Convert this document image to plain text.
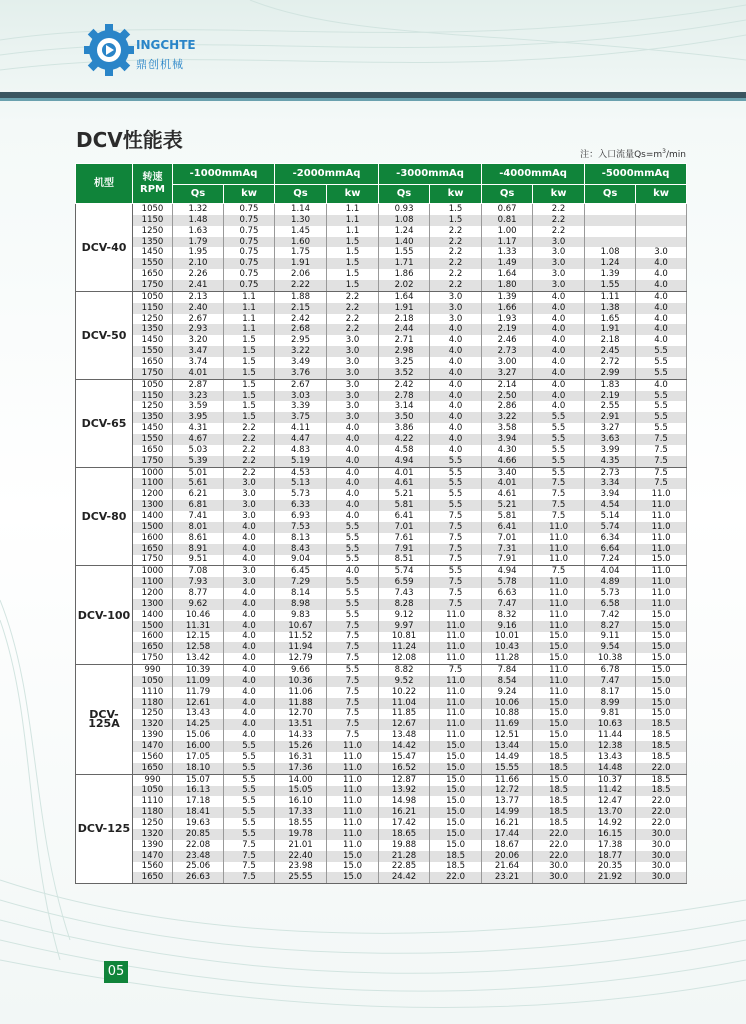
INGCHTE
鼎创机械
DCV性能表
注：入口流量$Qs=m^3/\min$
机型	转速
RPM	-1000mmAq		-2000mmAq		-3000mmAq		-4000mmAq		-5000mmAq	
		Qs	kw	Qs	kw	Qs	kw	Qs	kw	Qs	kw
DCV-40	1050	1.32	0.75	1.14	1.1	0.93	1.5	0.67	2.2		
	1150	1.48	0.75	1.30	1.1	1.08	1.5	0.81	2.2		
	1250	1.63	0.75	1.45	1.1	1.24	2.2	1.00	2.2		
	1350	1.79	0.75	1.60	1.5	1.40	2.2	1.17	3.0		
	1450	1.95	0.75	1.75	1.5	1.55	2.2	1.33	3.0	1.08	3.0
	1550	2.10	0.75	1.91	1.5	1.71	2.2	1.49	3.0	1.24	4.0
	1650	2.26	0.75	2.06	1.5	1.86	2.2	1.64	3.0	1.39	4.0
	1750	2.41	0.75	2.22	1.5	2.02	2.2	1.80	3.0	1.55	4.0
DCV-50	1050	2.13	1.1	1.88	2.2	1.64	3.0	1.39	4.0	1.11	4.0
	1150	2.40	1.1	2.15	2.2	1.91	3.0	1.66	4.0	1.38	4.0
	1250	2.67	1.1	2.42	2.2	2.18	3.0	1.93	4.0	1.65	4.0
	1350	2.93	1.1	2.68	2.2	2.44	4.0	2.19	4.0	1.91	4.0
	1450	3.20	1.5	2.95	3.0	2.71	4.0	2.46	4.0	2.18	4.0
	1550	3.47	1.5	3.22	3.0	2.98	4.0	2.73	4.0	2.45	5.5
	1650	3.74	1.5	3.49	3.0	3.25	4.0	3.00	4.0	2.72	5.5
	1750	4.01	1.5	3.76	3.0	3.52	4.0	3.27	4.0	2.99	5.5
DCV-65	1050	2.87	1.5	2.67	3.0	2.42	4.0	2.14	4.0	1.83	4.0
	1150	3.23	1.5	3.03	3.0	2.78	4.0	2.50	4.0	2.19	5.5
	1250	3.59	1.5	3.39	3.0	3.14	4.0	2.86	4.0	2.55	5.5
	1350	3.95	1.5	3.75	3.0	3.50	4.0	3.22	5.5	2.91	5.5
	1450	4.31	2.2	4.11	4.0	3.86	4.0	3.58	5.5	3.27	5.5
	1550	4.67	2.2	4.47	4.0	4.22	4.0	3.94	5.5	3.63	7.5
	1650	5.03	2.2	4.83	4.0	4.58	4.0	4.30	5.5	3.99	7.5
	1750	5.39	2.2	5.19	4.0	4.94	5.5	4.66	5.5	4.35	7.5
DCV-80	1000	5.01	2.2	4.53	4.0	4.01	5.5	3.40	5.5	2.73	7.5
	1100	5.61	3.0	5.13	4.0	4.61	5.5	4.01	7.5	3.34	7.5
	1200	6.21	3.0	5.73	4.0	5.21	5.5	4.61	7.5	3.94	11.0
	1300	6.81	3.0	6.33	4.0	5.81	5.5	5.21	7.5	4.54	11.0
	1400	7.41	3.0	6.93	4.0	6.41	7.5	5.81	7.5	5.14	11.0
	1500	8.01	4.0	7.53	5.5	7.01	7.5	6.41	11.0	5.74	11.0
	1600	8.61	4.0	8.13	5.5	7.61	7.5	7.01	11.0	6.34	11.0
	1650	8.91	4.0	8.43	5.5	7.91	7.5	7.31	11.0	6.64	11.0
	1750	9.51	4.0	9.04	5.5	8.51	7.5	7.91	11.0	7.24	15.0
DCV-100	1000	7.08	3.0	6.45	4.0	5.74	5.5	4.94	7.5	4.04	11.0
	1100	7.93	3.0	7.29	5.5	6.59	7.5	5.78	11.0	4.89	11.0
	1200	8.77	4.0	8.14	5.5	7.43	7.5	6.63	11.0	5.73	11.0
	1300	9.62	4.0	8.98	5.5	8.28	7.5	7.47	11.0	6.58	11.0
	1400	10.46	4.0	9.83	5.5	9.12	11.0	8.32	11.0	7.42	15.0
	1500	11.31	4.0	10.67	7.5	9.97	11.0	9.16	11.0	8.27	15.0
	1600	12.15	4.0	11.52	7.5	10.81	11.0	10.01	15.0	9.11	15.0
	1650	12.58	4.0	11.94	7.5	11.24	11.0	10.43	15.0	9.54	15.0
	1750	13.42	4.0	12.79	7.5	12.08	11.0	11.28	15.0	10.38	15.0
DCV-125A	990	10.39	4.0	9.66	5.5	8.82	7.5	7.84	11.0	6.78	15.0
	1050	11.09	4.0	10.36	7.5	9.52	11.0	8.54	11.0	7.47	15.0
	1110	11.79	4.0	11.06	7.5	10.22	11.0	9.24	11.0	8.17	15.0
	1180	12.61	4.0	11.88	7.5	11.04	11.0	10.06	15.0	8.99	15.0
	1250	13.43	4.0	12.70	7.5	11.85	11.0	10.88	15.0	9.81	15.0
	1320	14.25	4.0	13.51	7.5	12.67	11.0	11.69	15.0	10.63	18.5
	1390	15.06	4.0	14.33	7.5	13.48	11.0	12.51	15.0	11.44	18.5
	1470	16.00	5.5	15.26	11.0	14.42	15.0	13.44	15.0	12.38	18.5
	1560	17.05	5.5	16.31	11.0	15.47	15.0	14.49	18.5	13.43	18.5
	1650	18.10	5.5	17.36	11.0	16.52	15.0	15.55	18.5	14.48	22.0
DCV-125	990	15.07	5.5	14.00	11.0	12.87	15.0	11.66	15.0	10.37	18.5
	1050	16.13	5.5	15.05	11.0	13.92	15.0	12.72	18.5	11.42	18.5
	1110	17.18	5.5	16.10	11.0	14.98	15.0	13.77	18.5	12.47	22.0
	1180	18.41	5.5	17.33	11.0	16.21	15.0	14.99	18.5	13.70	22.0
	1250	19.63	5.5	18.55	11.0	17.42	15.0	16.21	18.5	14.92	22.0
	1320	20.85	5.5	19.78	11.0	18.65	15.0	17.44	22.0	16.15	30.0
	1390	22.08	7.5	21.01	11.0	19.88	15.0	18.67	22.0	17.38	30.0
	1470	23.48	7.5	22.40	15.0	21.28	18.5	20.06	22.0	18.77	30.0
	1560	25.06	7.5	23.98	15.0	22.85	18.5	21.64	30.0	20.35	30.0
	1650	26.63	7.5	25.55	15.0	24.42	22.0	23.21	30.0	21.92	30.0
05
